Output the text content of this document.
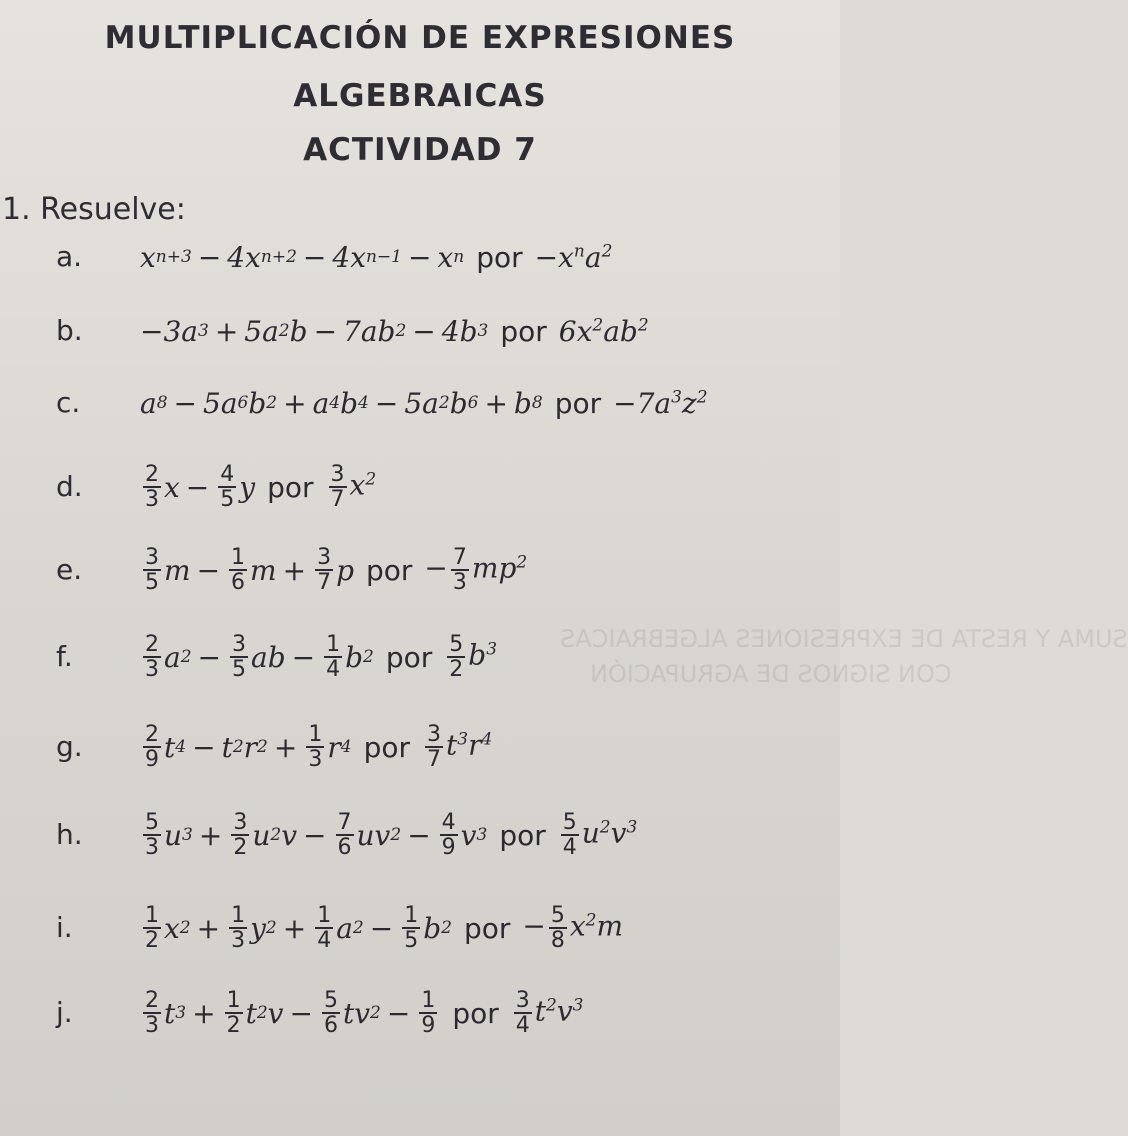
SUMA Y RESTA DE EXPRESIONES ALGEBRAICAS
CON SIGNOS DE AGRUPACIÓN
MULTIPLICACIÓN DE EXPRESIONES
ALGEBRAICAS
ACTIVIDAD 7
1. Resuelve:
a. x n+3 − 4x n+2 − 4x n−1 − x n por $-x^na^2$
b. − 3a 3 + 5a 2 b − 7ab 2 − 4b 3 por $6x^2ab^2$
c. a 8 − 5a 6 b 2 + a 4 b 4 − 5a 2 b 6 + b 8 por $-7a^3z^2$
d.	$\frac{2}{3}$ $x - \frac{4}{5}$ y por $\frac{3}{7} x^2$
e.	$\frac{3}{5}$ $m - \frac{1}{6}$ $m + \frac{3}{7}$ p por − $\frac{7}{3} mp^2$
f.	$\frac{2}{3}$ a $2 - \frac{3}{5}$ ab − $\frac{1}{4}$ b 2 por $\frac{5}{2} b^3$
g.	$\frac{2}{9}$ t 4 − t 2 r $2 + \frac{1}{3}$ r 4 por $\frac{3}{7} t^3r^4$
h.	$\frac{5}{3}$ u $3 + \frac{3}{2}$ u 2 $v - \frac{7}{6}$ uv $2 - \frac{4}{9}$ v 3 por $\frac{5}{4} u^2v^3$
i.	$\frac{1}{2}$ x $2 + \frac{1}{3}$ y $2 + \frac{1}{4}$ a $2 - \frac{1}{5}$ b 2 por − $\frac{5}{8} x^2m$
j.	$\frac{2}{3}$ t $3 + \frac{1}{2}$ t 2 $v - \frac{5}{6}$ tv $2 - \frac{1}{9}$ por $\frac{3}{4} t^2v^3$
